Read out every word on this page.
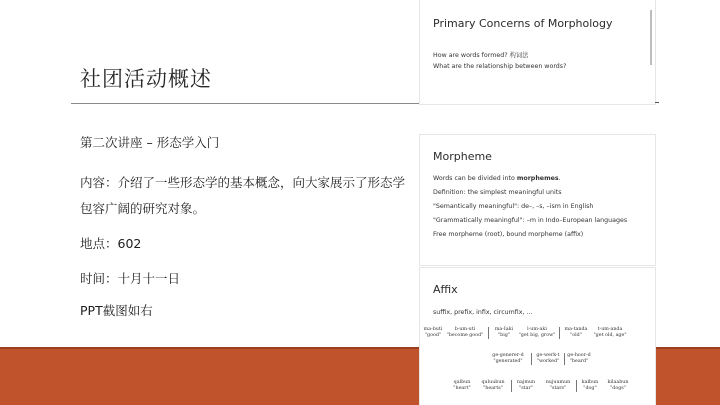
社团活动概述
第二次讲座 – 形态学入门
内容：介绍了一些形态学的基本概念，向大家展示了形态学包容广阔的研究对象。
地点：602
时间：十月十一日
PPT截图如右
Primary Concerns of Morphology
How are words formed? 构词法
What are the relationship between words?
Morpheme
Words can be divided into morphemes.
Definition: the simplest meaningful units
"Semantically meaningful": de–, –s, –ism in English
"Grammatically meaningful": –m in Indo–European languages
Free morpheme (root), bound morpheme (affix)
Affix
suffix, prefix, infix, circumfix, …
ma-buti
"good"
b-um-uti
"become good"
ma-Iaki
"big"
l-um-aki
"get big, grow"
ma-tanda
"old"
t-um-anda
"get old, age"
ge-generer-d
"generated"
ge-werk-t
"worked"
ge-hoor-d
"heard"
qalbun
"heart"
quluubun
"hearts"
najmun
"star"
nujuumun
"stars"
kalbun
"dog"
kilaabun
"dogs"
